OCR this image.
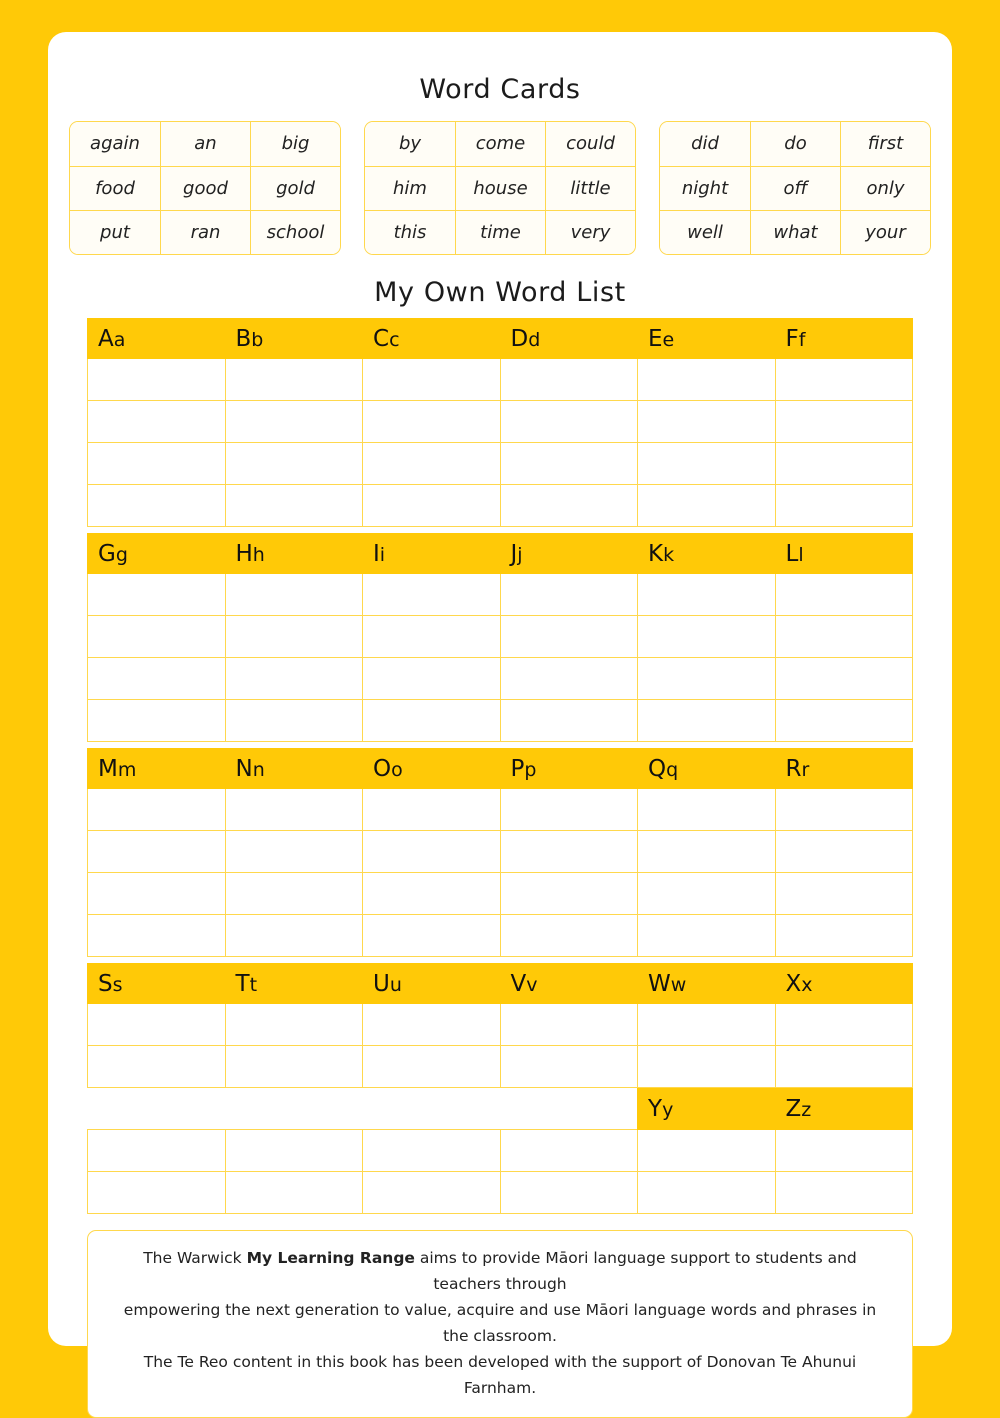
Word Cards
again	an	big
food	good	gold
put	ran	school
by	come	could
him	house	little
this	time	very
did	do	first
night	off	only
well	what	your
My Own Word List
Aa	Bb	Cc	Dd	Ee	Ff

Gg	Hh	Ii	Jj	Kk	Ll

Mm	Nn	Oo	Pp	Qq	Rr

Ss	Tt	Uu	Vv	Ww	Xx

				Yy	Zz

The Warwick My Learning Range aims to provide Māori language support to students and teachers through

empowering the next generation to value, acquire and use Māori language words and phrases in the classroom.

The Te Reo content in this book has been developed with the support of Donovan Te Ahunui Farnham.
